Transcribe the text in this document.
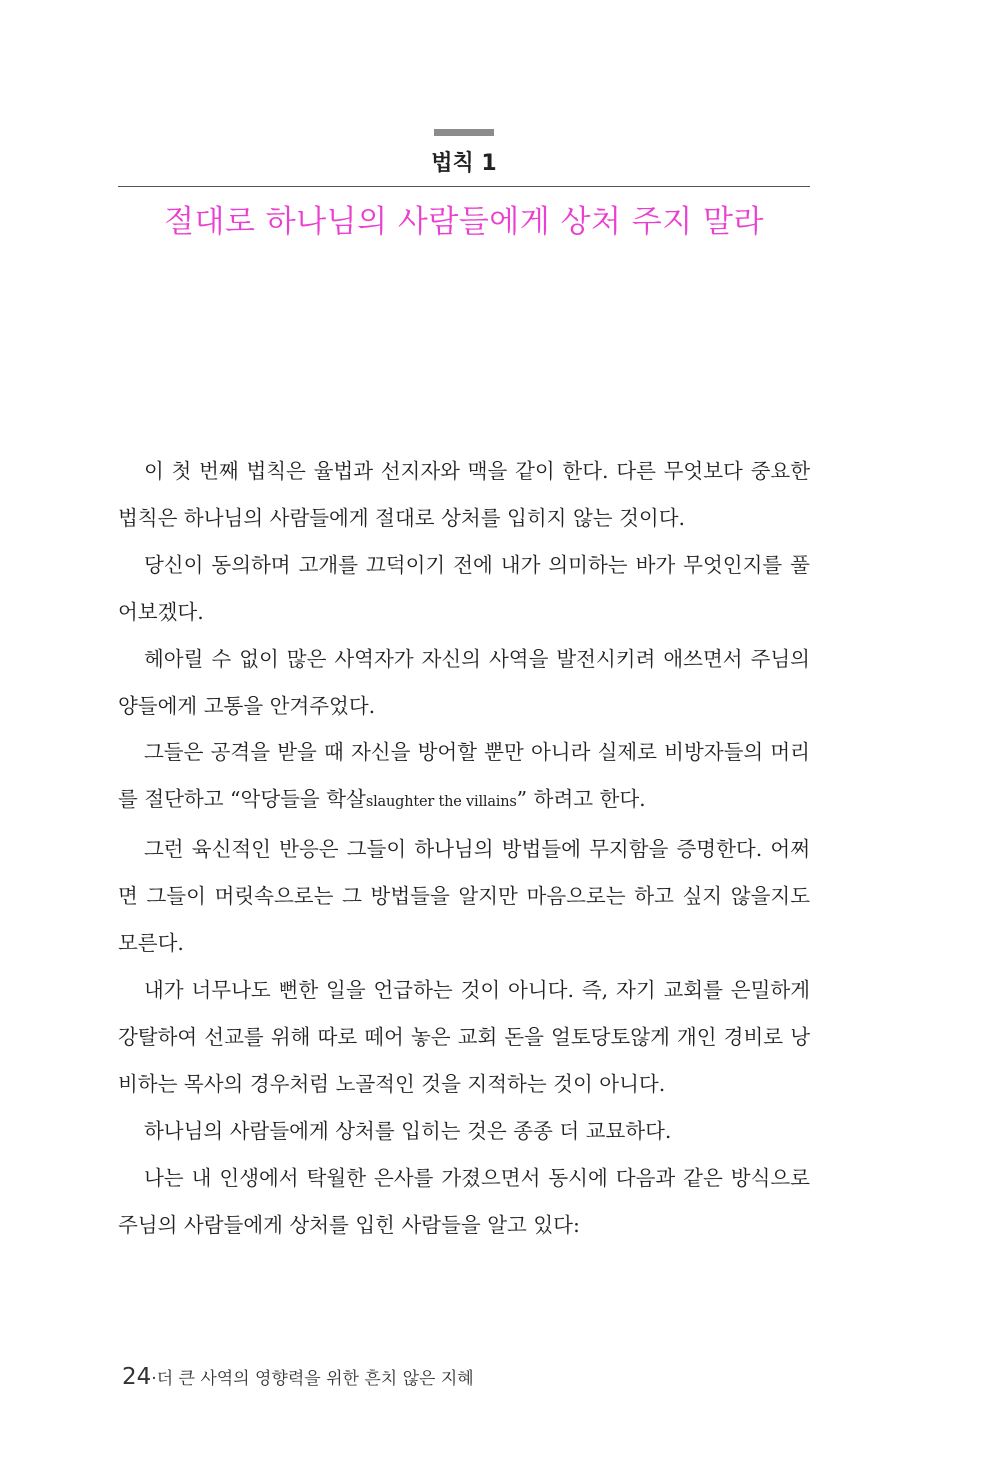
법칙 1
절대로 하나님의 사람들에게 상처 주지 말라

이 첫 번째 법칙은 율법과 선지자와 맥을 같이 한다. 다른 무엇보다 중요한 법칙은 하나님의 사람들에게 절대로 상처를 입히지 않는 것이다.

당신이 동의하며 고개를 끄덕이기 전에 내가 의미하는 바가 무엇인지를 풀어보겠다.

헤아릴 수 없이 많은 사역자가 자신의 사역을 발전시키려 애쓰면서 주님의 양들에게 고통을 안겨주었다.

그들은 공격을 받을 때 자신을 방어할 뿐만 아니라 실제로 비방자들의 머리를 절단하고 “악당들을 학살slaughter the villains” 하려고 한다.

그런 육신적인 반응은 그들이 하나님의 방법들에 무지함을 증명한다. 어쩌면 그들이 머릿속으로는 그 방법들을 알지만 마음으로는 하고 싶지 않을지도 모른다.

내가 너무나도 뻔한 일을 언급하는 것이 아니다. 즉, 자기 교회를 은밀하게 강탈하여 선교를 위해 따로 떼어 놓은 교회 돈을 얼토당토않게 개인 경비로 낭비하는 목사의 경우처럼 노골적인 것을 지적하는 것이 아니다.

하나님의 사람들에게 상처를 입히는 것은 종종 더 교묘하다.

나는 내 인생에서 탁월한 은사를 가졌으면서 동시에 다음과 같은 방식으로 주님의 사람들에게 상처를 입힌 사람들을 알고 있다:

24·더 큰 사역의 영향력을 위한 흔치 않은 지혜
